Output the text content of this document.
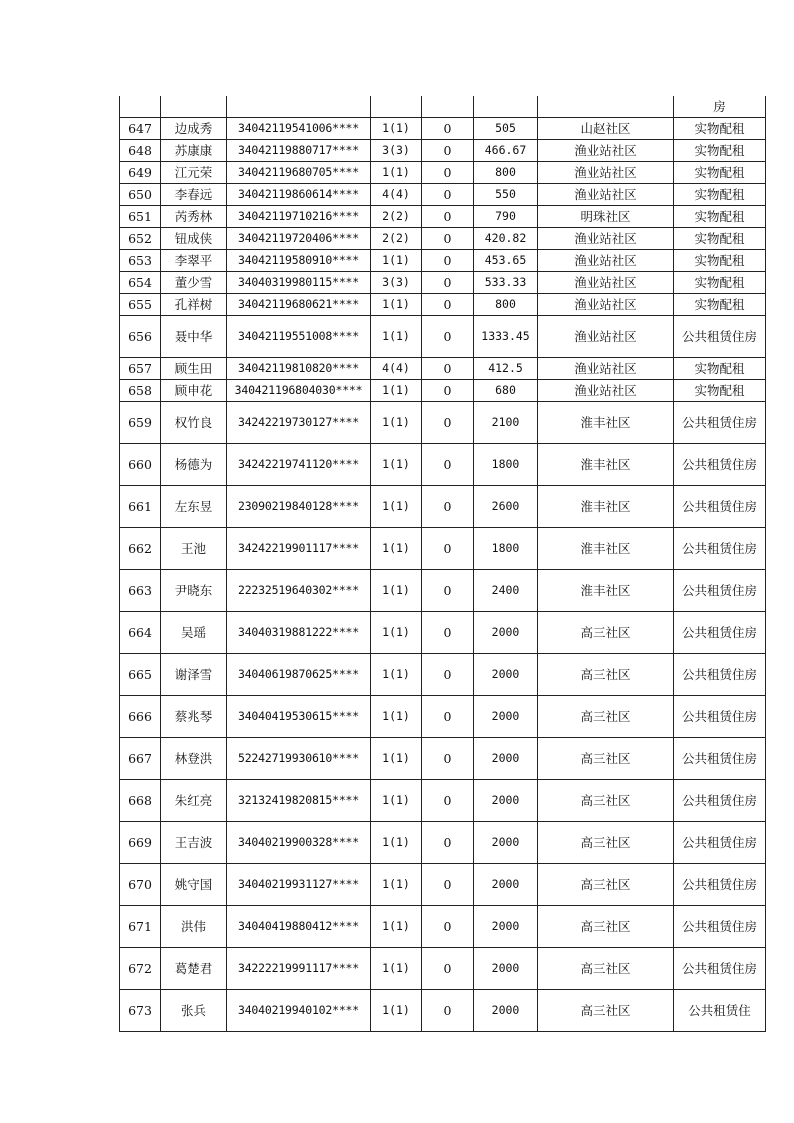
							房
647	边成秀	34042119541006****	1(1)	0	505	山赵社区	实物配租
648	苏康康	34042119880717****	3(3)	0	466.67	渔业站社区	实物配租
649	江元荣	34042119680705****	1(1)	0	800	渔业站社区	实物配租
650	李春远	34042119860614****	4(4)	0	550	渔业站社区	实物配租
651	芮秀林	34042119710216****	2(2)	0	790	明珠社区	实物配租
652	钮成侠	34042119720406****	2(2)	0	420.82	渔业站社区	实物配租
653	李翠平	34042119580910****	1(1)	0	453.65	渔业站社区	实物配租
654	董少雪	34040319980115****	3(3)	0	533.33	渔业站社区	实物配租
655	孔祥树	34042119680621****	1(1)	0	800	渔业站社区	实物配租
656	聂中华	34042119551008****	1(1)	0	1333.45	渔业站社区	公共租赁住房
657	顾生田	34042119810820****	4(4)	0	412.5	渔业站社区	实物配租
658	顾申花	340421196804030****	1(1)	0	680	渔业站社区	实物配租
659	权竹良	34242219730127****	1(1)	0	2100	淮丰社区	公共租赁住房
660	杨德为	34242219741120****	1(1)	0	1800	淮丰社区	公共租赁住房
661	左东昱	23090219840128****	1(1)	0	2600	淮丰社区	公共租赁住房
662	王池	34242219901117****	1(1)	0	1800	淮丰社区	公共租赁住房
663	尹晓东	22232519640302****	1(1)	0	2400	淮丰社区	公共租赁住房
664	吴瑶	34040319881222****	1(1)	0	2000	高三社区	公共租赁住房
665	谢泽雪	34040619870625****	1(1)	0	2000	高三社区	公共租赁住房
666	蔡兆琴	34040419530615****	1(1)	0	2000	高三社区	公共租赁住房
667	林登洪	52242719930610****	1(1)	0	2000	高三社区	公共租赁住房
668	朱红亮	32132419820815****	1(1)	0	2000	高三社区	公共租赁住房
669	王吉波	34040219900328****	1(1)	0	2000	高三社区	公共租赁住房
670	姚守国	34040219931127****	1(1)	0	2000	高三社区	公共租赁住房
671	洪伟	34040419880412****	1(1)	0	2000	高三社区	公共租赁住房
672	葛楚君	34222219991117****	1(1)	0	2000	高三社区	公共租赁住房
673	张兵	34040219940102****	1(1)	0	2000	高三社区	公共租赁住
